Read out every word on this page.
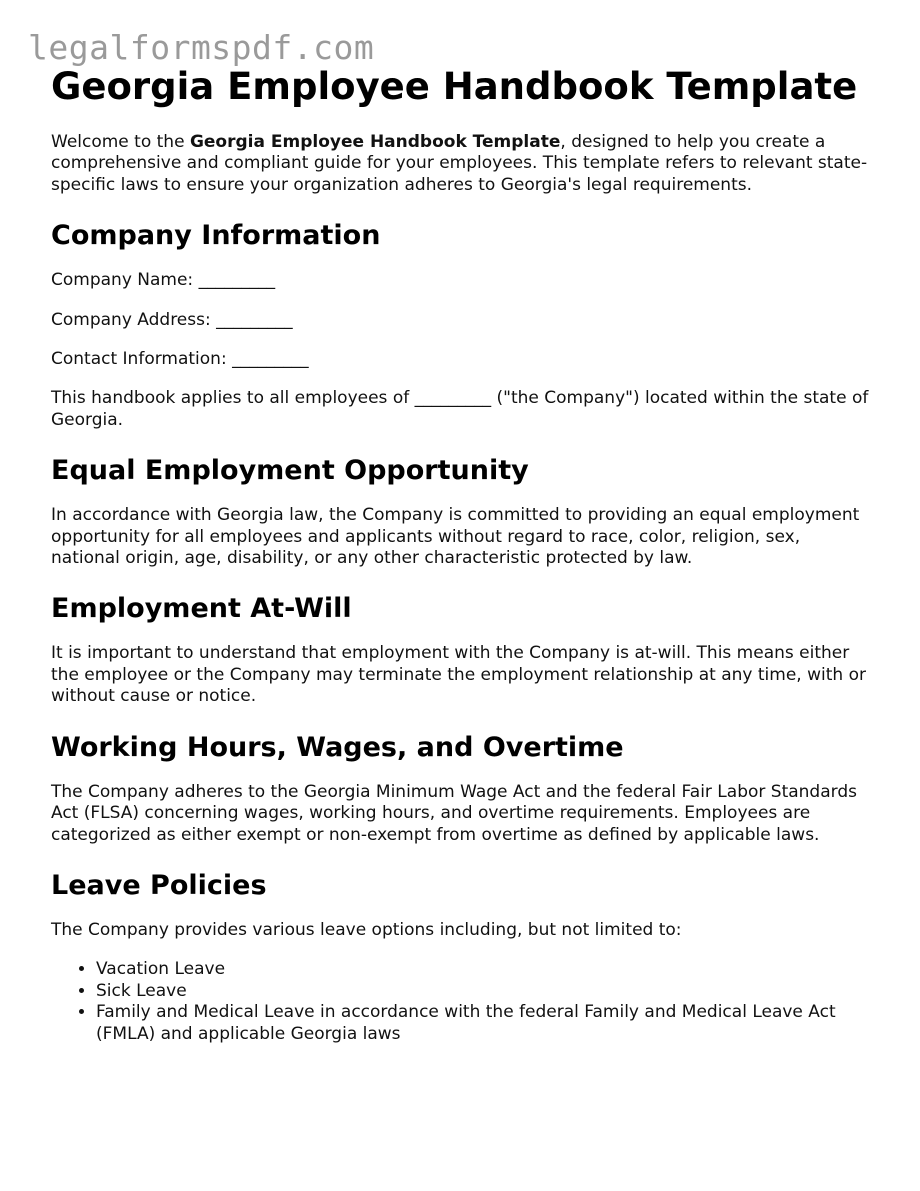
legalformspdf.com
Georgia Employee Handbook Template

Welcome to the Georgia Employee Handbook Template, designed to help you create a comprehensive and compliant guide for your employees. This template refers to relevant state-specific laws to ensure your organization adheres to Georgia's legal requirements.

Company Information

Company Name: _________

Company Address: _________

Contact Information: _________

This handbook applies to all employees of _________ ("the Company") located within the state of Georgia.

Equal Employment Opportunity

In accordance with Georgia law, the Company is committed to providing an equal employment opportunity for all employees and applicants without regard to race, color, religion, sex, national origin, age, disability, or any other characteristic protected by law.

Employment At-Will

It is important to understand that employment with the Company is at-will. This means either the employee or the Company may terminate the employment relationship at any time, with or without cause or notice.

Working Hours, Wages, and Overtime

The Company adheres to the Georgia Minimum Wage Act and the federal Fair Labor Standards Act (FLSA) concerning wages, working hours, and overtime requirements. Employees are categorized as either exempt or non-exempt from overtime as defined by applicable laws.

Leave Policies

The Company provides various leave options including, but not limited to:

• Vacation Leave
• Sick Leave
• Family and Medical Leave in accordance with the federal Family and Medical Leave Act (FMLA) and applicable Georgia laws
